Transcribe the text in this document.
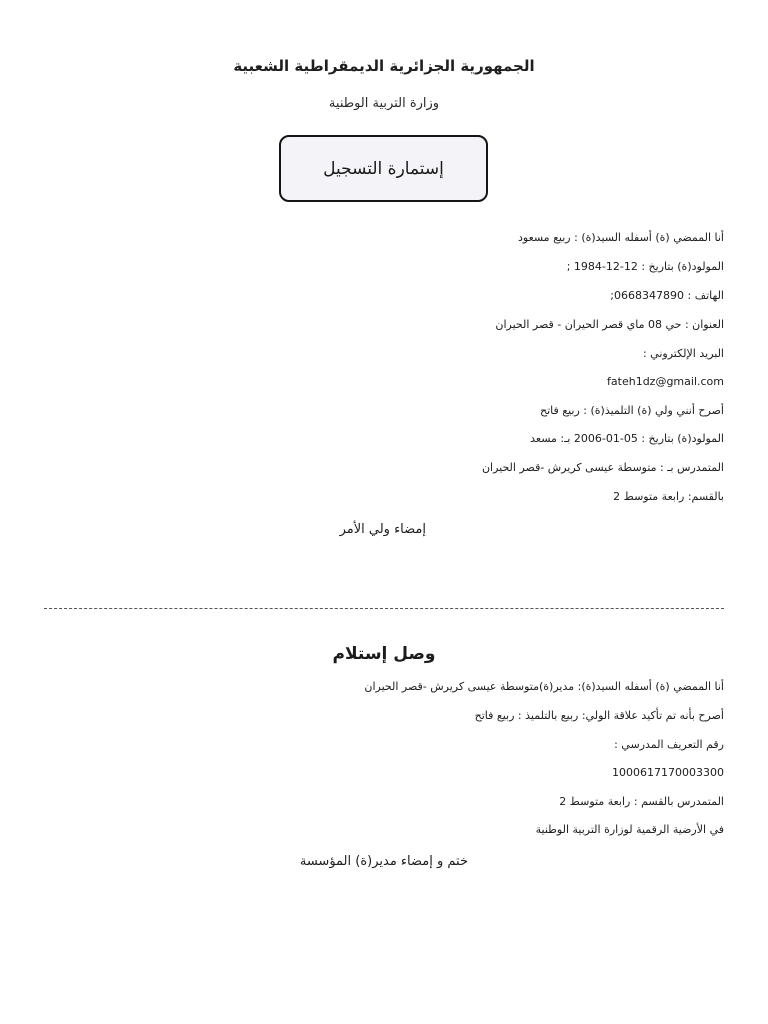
الجمهورية الجزائرية الديمقراطية الشعبية
وزارة التربية الوطنية
إستمارة التسجيل
أنا الممضي (ة) أسفله السيد(ة) : ربيع مسعود
المولود(ة) بتاريخ : 12-12-1984 ;
الهاتف : 0668347890;
العنوان : حي 08 ماي قصر الحيران - قصر الحيران
البريد الإلكتروني :
fateh1dz@gmail.com
أصرح أنني ولي (ة) التلميذ(ة) : ربيع فاتح
المولود(ة) بتاريخ : 05-01-2006 بـ: مسعد
المتمدرس بـ : متوسطة عيسى كريرش -قصر الحيران
بالقسم: رابعة متوسط 2
إمضاء ولي الأمر
وصل إستلام
أنا الممضي (ة) أسفله السيد(ة): مدير(ة)متوسطة عيسى كريرش -قصر الحيران
أصرح بأنه تم تأكيد علاقة الولي: ربيع بالتلميذ : ربيع فاتح
رقم التعريف المدرسي :
1000617170003300
المتمدرس بالقسم : رابعة متوسط 2
في الأرضية الرقمية لوزارة التربية الوطنية
ختم و إمضاء مدير(ة) المؤسسة
